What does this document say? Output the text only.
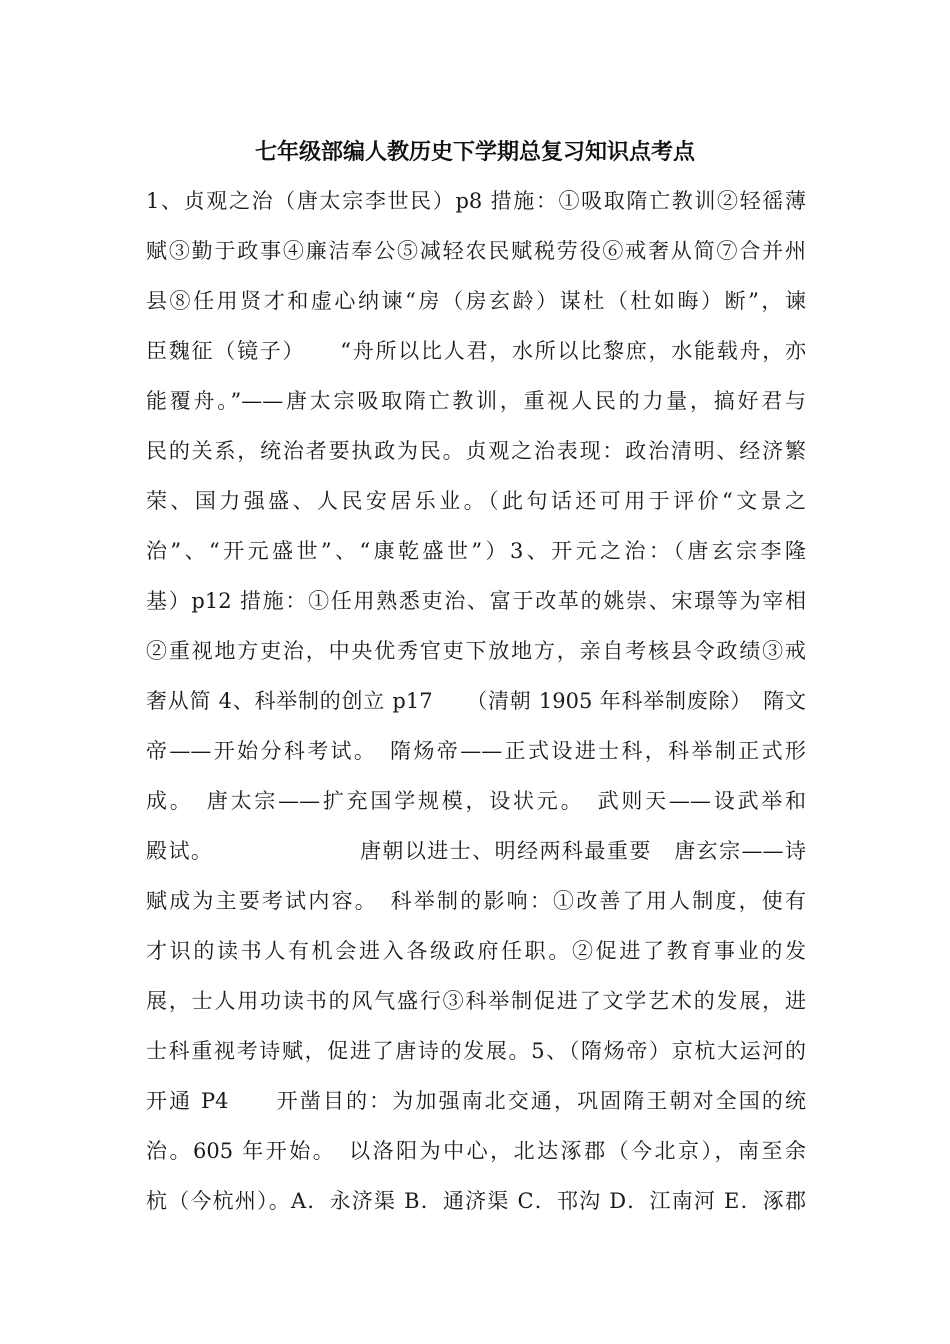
七年级部编人教历史下学期总复习知识点考点
1、贞观之治（唐太宗李世民）p8 措施：①吸取隋亡教训②轻徭薄
赋③勤于政事④廉洁奉公⑤减轻农民赋税劳役⑥戒奢从简⑦合并州
县⑧任用贤才和虚心纳谏“房（房玄龄）谋杜（杜如晦）断”，谏
臣魏征（镜子）　　“舟所以比人君，水所以比黎庶，水能载舟，亦
能覆舟。”——唐太宗吸取隋亡教训，重视人民的力量，搞好君与
民的关系，统治者要执政为民。贞观之治表现：政治清明、经济繁
荣、国力强盛、人民安居乐业。（此句话还可用于评价“文景之
治”、“开元盛世”、“康乾盛世”）3、开元之治：（唐玄宗李隆
基）p12 措施：①任用熟悉吏治、富于改革的姚崇、宋璟等为宰相
②重视地方吏治，中央优秀官吏下放地方，亲自考核县令政绩③戒
奢从简 4、科举制的创立 p17　　（清朝 1905 年科举制废除）　隋文
帝——开始分科考试。　隋炀帝——正式设进士科，科举制正式形
成。　唐太宗——扩充国学规模，设状元。　武则天——设武举和
殿试。　　　　　　　唐朝以进士、明经两科最重要　唐玄宗——诗
赋成为主要考试内容。　科举制的影响：①改善了用人制度，使有
才识的读书人有机会进入各级政府任职。②促进了教育事业的发
展，士人用功读书的风气盛行③科举制促进了文学艺术的发展，进
士科重视考诗赋，促进了唐诗的发展。5、（隋炀帝）京杭大运河的
开通 P4　　开凿目的：为加强南北交通，巩固隋王朝对全国的统
治。605 年开始。　以洛阳为中心，北达涿郡（今北京），南至余
杭（今杭州）。A．永济渠 B．通济渠 C．邗沟 D．江南河 E．涿郡
